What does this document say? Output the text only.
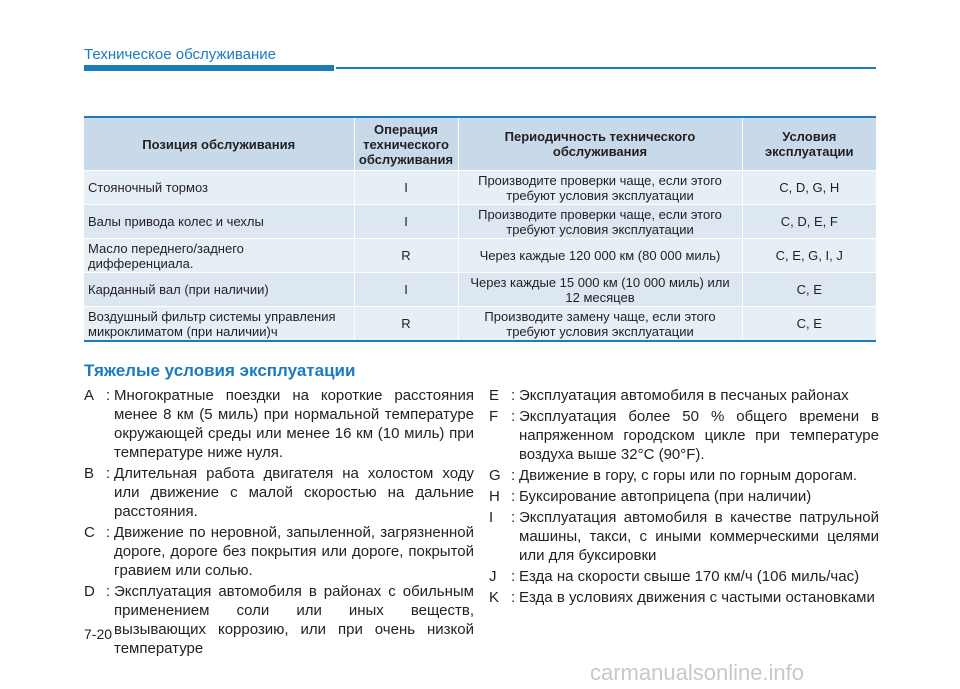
Техническое обслуживание
Позиция обслуживания	Операция технического обслуживания	Периодичность технического обслуживания	Условия эксплуатации
Стояночный тормоз	I	Производите проверки чаще, если этого требуют условия эксплуатации	C, D, G, H
Валы привода колес и чехлы	I	Производите проверки чаще, если этого требуют условия эксплуатации	C, D, E, F
Масло переднего/заднего дифференциала.	R	Через каждые 120 000 км (80 000 миль)	C, E, G, I, J
Карданный вал (при наличии)	I	Через каждые 15 000 км (10 000 миль) или 12 месяцев	C, E
Воздушный фильтр системы управления микроклиматом (при наличии)ч	R	Производите замену чаще, если этого требуют условия эксплуатации	C, E
Тяжелые условия эксплуатации
A : Многократные поездки на короткие расстояния менее 8 км (5 миль) при нормальной температуре окружающей среды или менее 16 км (10 миль) при температуре ниже нуля.
B : Длительная работа двигателя на холостом ходу или движение с малой скоростью на дальние расстояния.
C : Движение по неровной, запыленной, загрязненной дороге, дороге без покрытия или дороге, покрытой гравием или солью.
D : Эксплуатация автомобиля в районах с обильным применением соли или иных веществ, вызывающих коррозию, или при очень низкой температуре
E : Эксплуатация автомобиля в песчаных районах
F : Эксплуатация более 50 % общего времени в напряженном городском цикле при температуре воздуха выше 32°C (90°F).
G : Движение в гору, с горы или по горным дорогам.
H : Буксирование автоприцепа (при наличии)
I	: Эксплуатация автомобиля в качестве патрульной машины, такси, с иными коммерческими целями или для буксировки
J : Езда на скорости свыше 170 км/ч (106 миль/час)
K : Езда в условиях движения с частыми остановками
7-20
carmanualsonline.info
